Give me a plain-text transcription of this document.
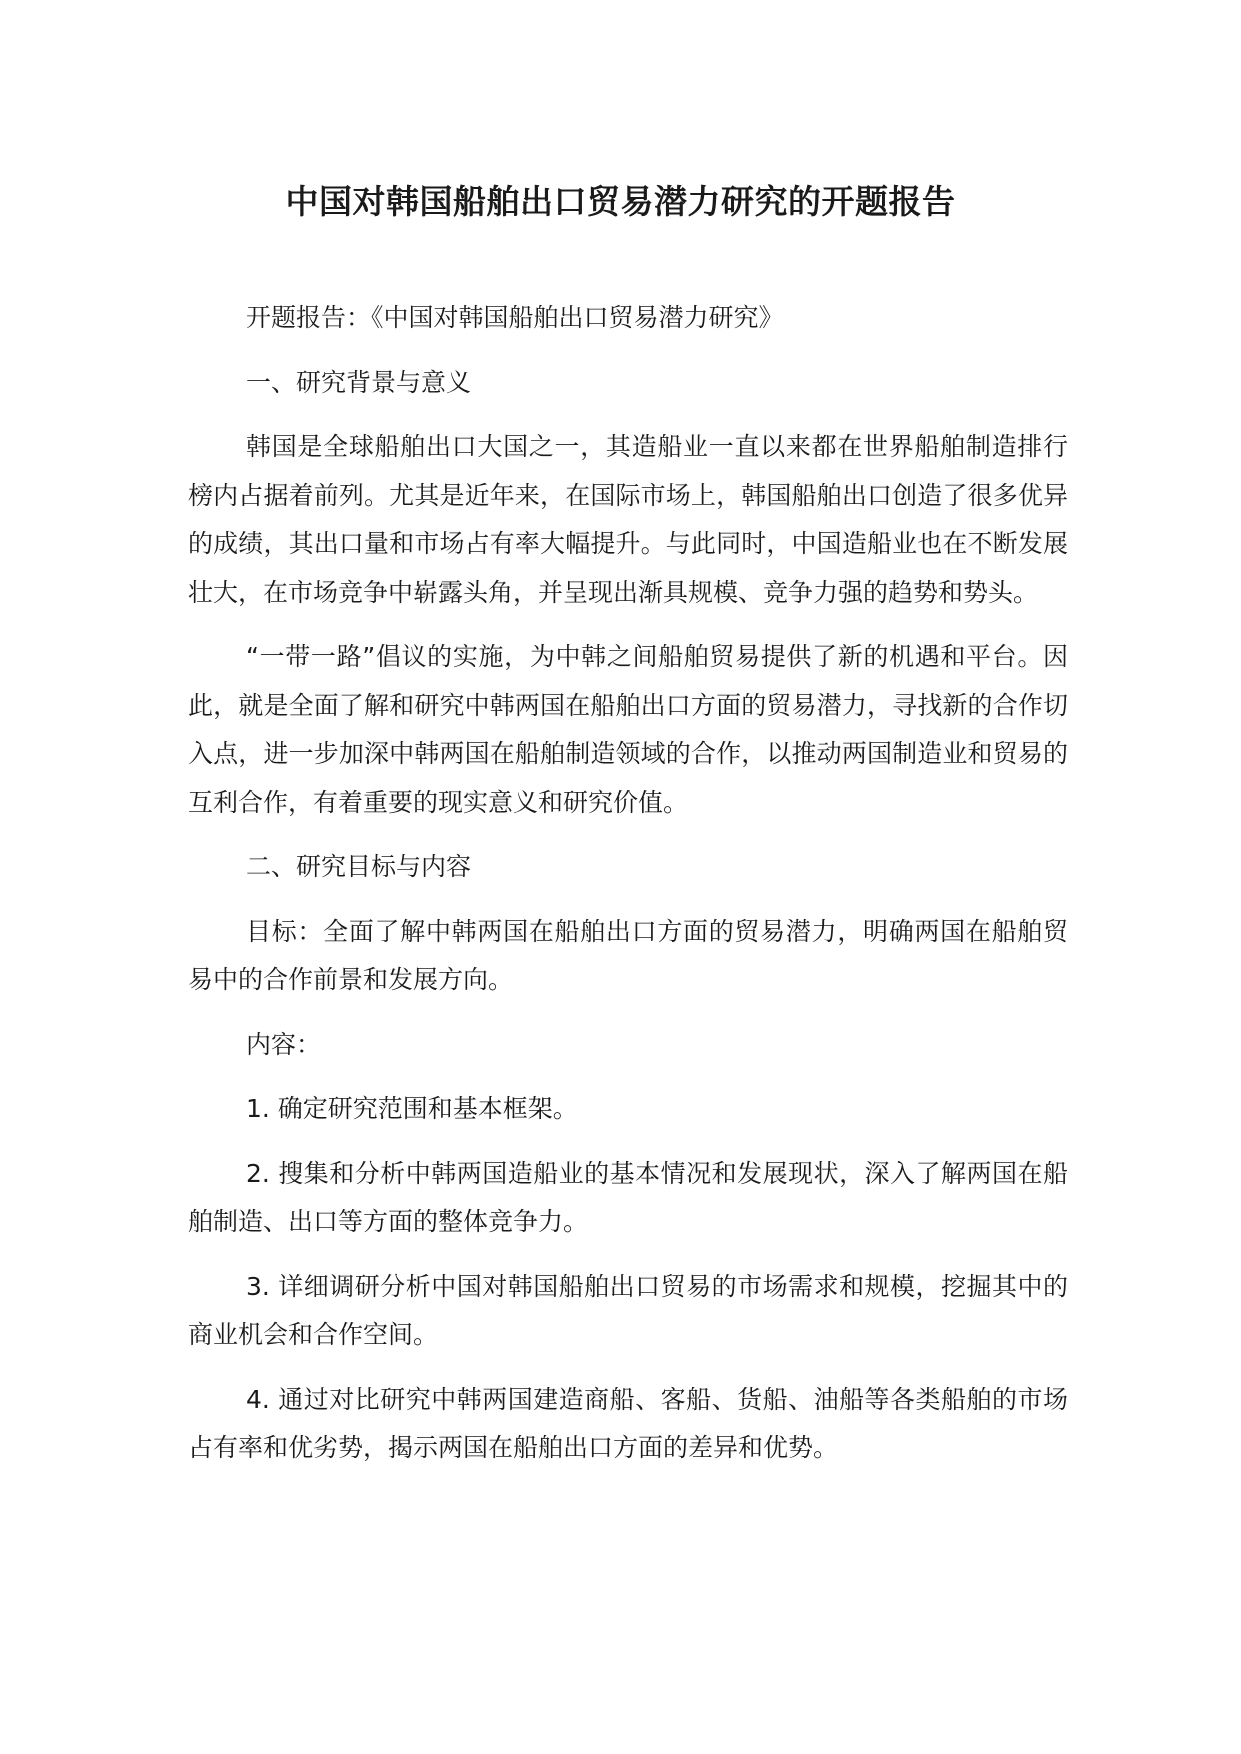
中国对韩国船舶出口贸易潜力研究的开题报告

开题报告：《中国对韩国船舶出口贸易潜力研究》

一、研究背景与意义

韩国是全球船舶出口大国之一，其造船业一直以来都在世界船舶制造排行榜内占据着前列。尤其是近年来，在国际市场上，韩国船舶出口创造了很多优异的成绩，其出口量和市场占有率大幅提升。与此同时，中国造船业也在不断发展壮大，在市场竞争中崭露头角，并呈现出渐具规模、竞争力强的趋势和势头。

“一带一路”倡议的实施，为中韩之间船舶贸易提供了新的机遇和平台。因此，就是全面了解和研究中韩两国在船舶出口方面的贸易潜力，寻找新的合作切入点，进一步加深中韩两国在船舶制造领域的合作，以推动两国制造业和贸易的互利合作，有着重要的现实意义和研究价值。

二、研究目标与内容

目标：全面了解中韩两国在船舶出口方面的贸易潜力，明确两国在船舶贸易中的合作前景和发展方向。

内容：

1. 确定研究范围和基本框架。

2. 搜集和分析中韩两国造船业的基本情况和发展现状，深入了解两国在船舶制造、出口等方面的整体竞争力。

3. 详细调研分析中国对韩国船舶出口贸易的市场需求和规模，挖掘其中的商业机会和合作空间。

4. 通过对比研究中韩两国建造商船、客船、货船、油船等各类船舶的市场占有率和优劣势，揭示两国在船舶出口方面的差异和优势。
